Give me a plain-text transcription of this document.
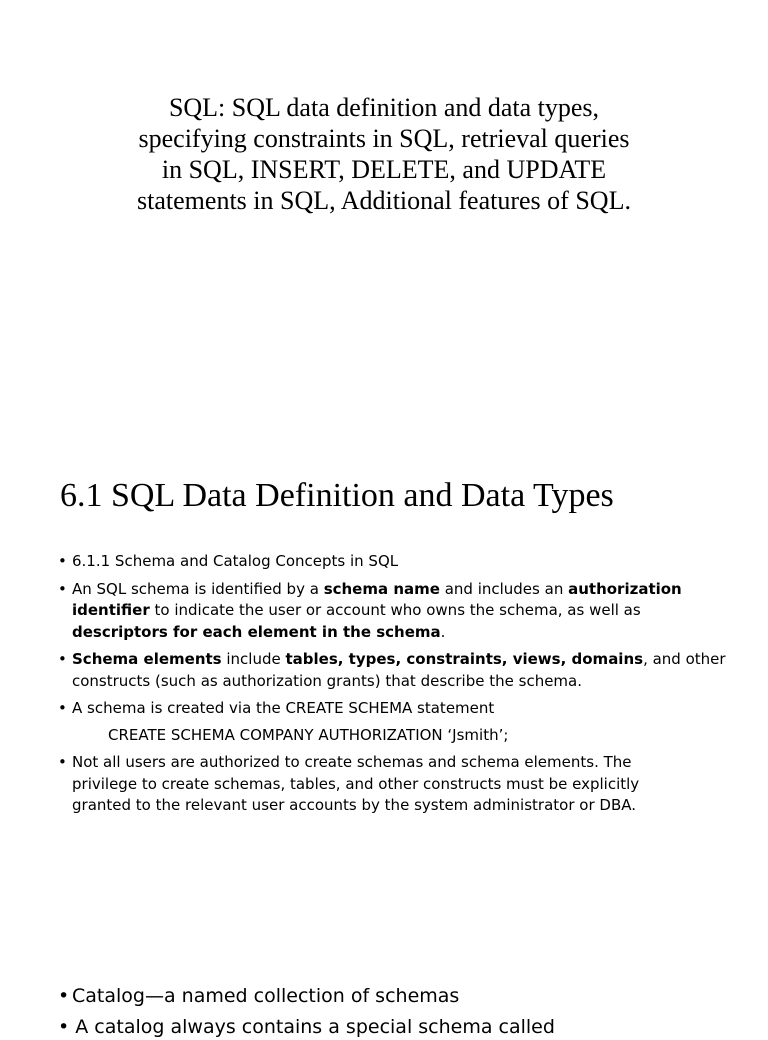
SQL: SQL data definition and data types,
specifying constraints in SQL, retrieval queries
in SQL, INSERT, DELETE, and UPDATE
statements in SQL, Additional features of SQL.
6.1 SQL Data Definition and Data Types
• 6.1.1 Schema and Catalog Concepts in SQL
• An SQL schema is identified by a schema name and includes an authorization
identifier to indicate the user or account who owns the schema, as well as
descriptors for each element in the schema.
• Schema elements include tables, types, constraints, views, domains, and other
constructs (such as authorization grants) that describe the schema.
• A schema is created via the CREATE SCHEMA statement
CREATE SCHEMA COMPANY AUTHORIZATION ‘Jsmith’;
• Not all users are authorized to create schemas and schema elements. The
privilege to create schemas, tables, and other constructs must be explicitly
granted to the relevant user accounts by the system administrator or DBA.
• Catalog—a named collection of schemas
• A catalog always contains a special schema called
